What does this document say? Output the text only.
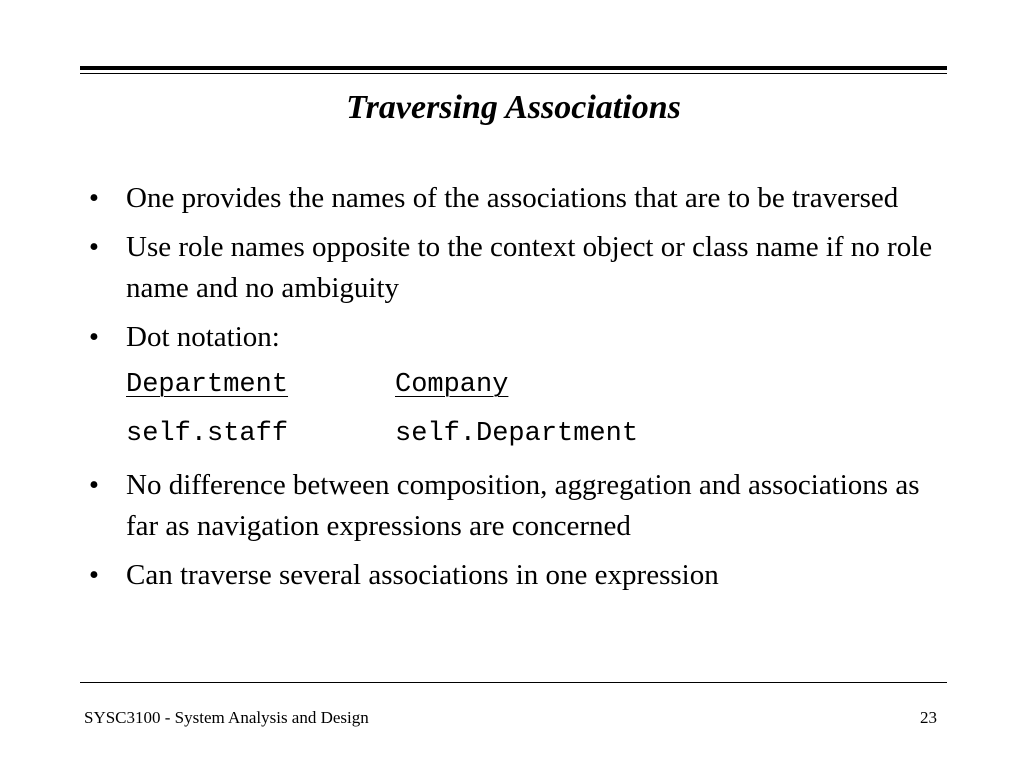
Traversing Associations
• One provides the names of the associations that are to be traversed
• Use role names opposite to the context object or class name if no role name and no ambiguity
• Dot notation:
Department	Company
self.staff	self.Department
• No difference between composition, aggregation and associations as far as navigation expressions are concerned
• Can traverse several associations in one expression
SYSC3100 - System Analysis and Design	23
